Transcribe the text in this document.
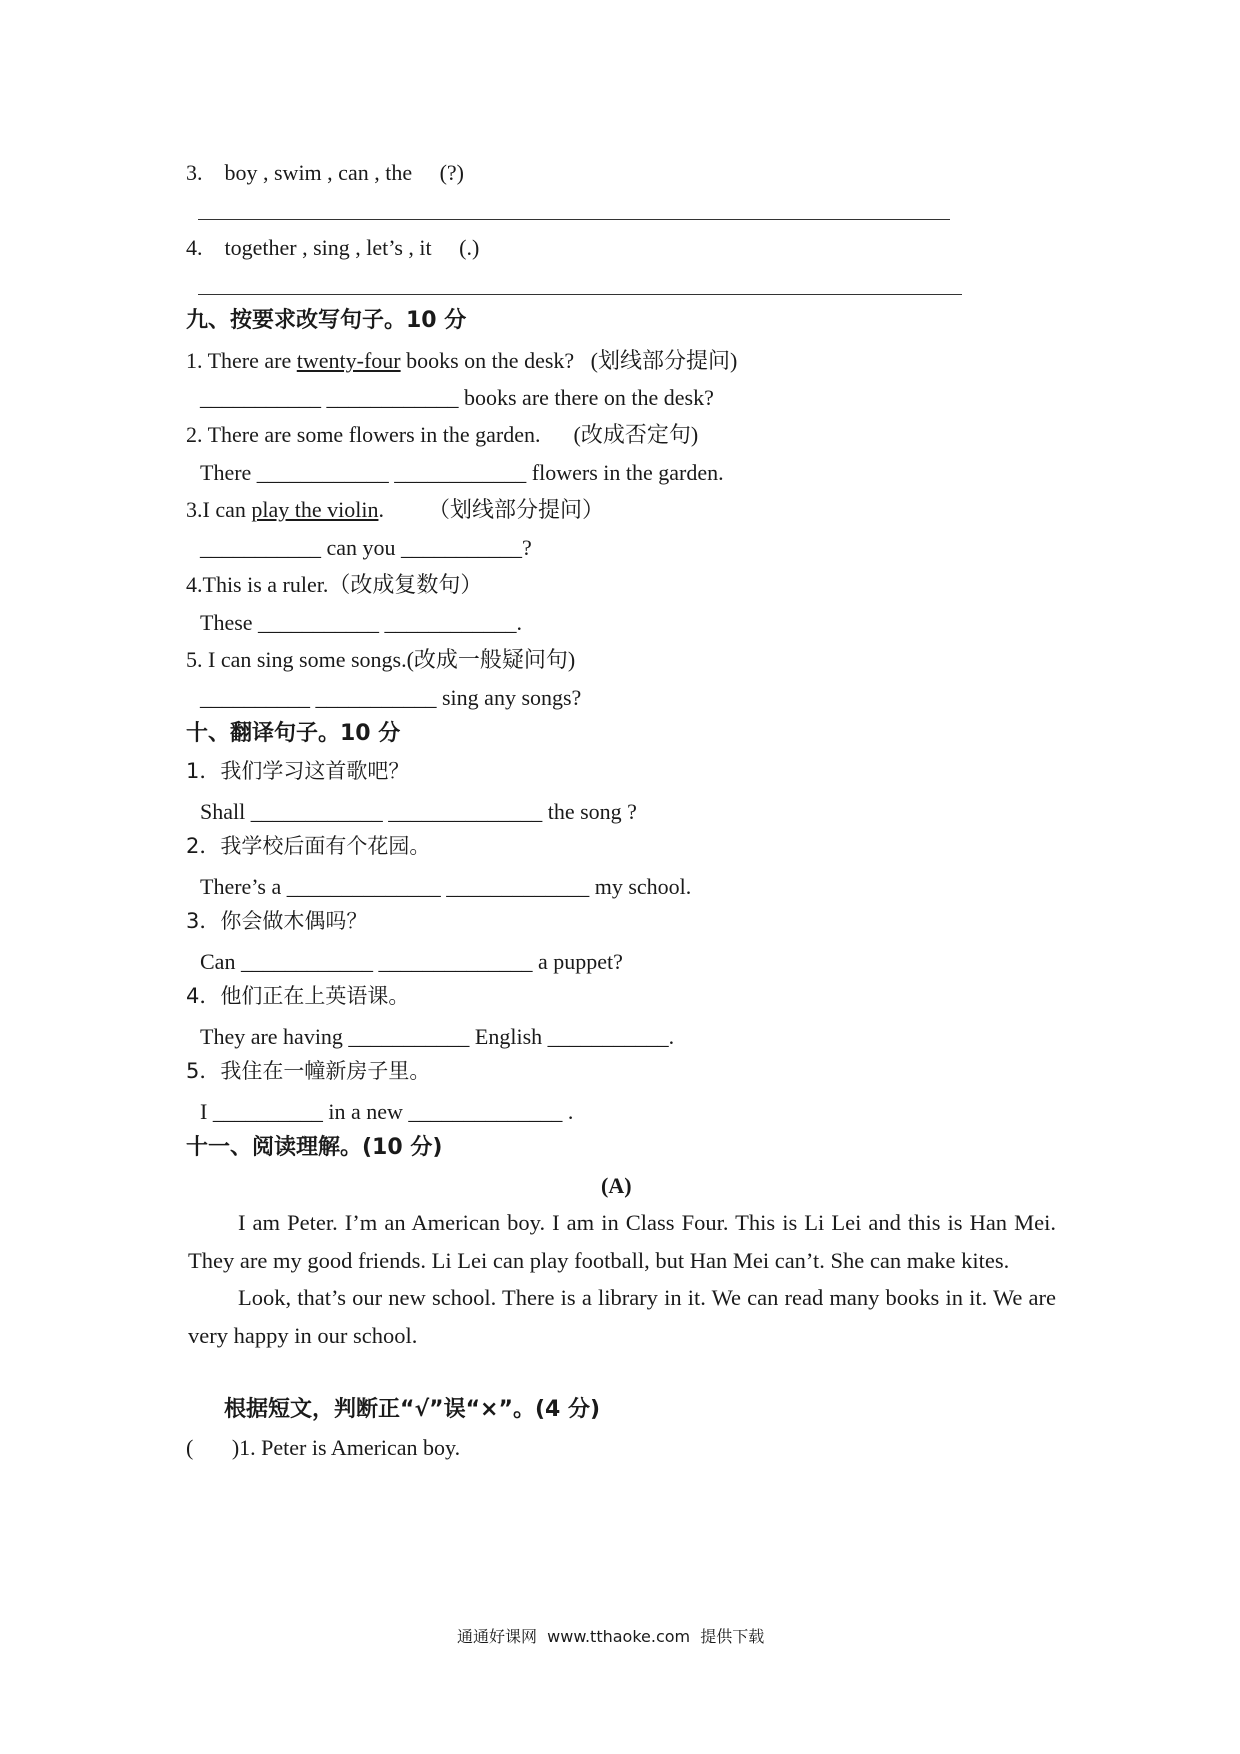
3.    boy , swim , can , the     (?)
4.    together , sing , let’s , it     (.)
九、按要求改写句子。10 分
1. There are twenty-four books on the desk?   (划线部分提问)
___________ ____________ books are there on the desk?
2. There are some flowers in the garden.      (改成否定句)
There ____________ ____________ flowers in the garden.
3.I can play the violin.        （划线部分提问）
___________ can you ___________?
4.This is a ruler.（改成复数句）
These ___________ ____________.
5. I can sing some songs.(改成一般疑问句)
__________ ___________ sing any songs?
十、翻译句子。10 分
1．我们学习这首歌吧？
Shall ____________ ______________ the song ?
2．我学校后面有个花园。
There’s a ______________ _____________ my school.
3．你会做木偶吗？
Can ____________ ______________ a puppet?
4．他们正在上英语课。
They are having ___________ English ___________.
5．我住在一幢新房子里。
I __________ in a new ______________ .
十一、阅读理解。(10 分)
(A)

I am Peter. I’m an American boy. I am in Class Four. This is Li Lei and this is Han Mei. They are my good friends. Li Lei can play football, but Han Mei can’t. She can make kites.

Look, that’s our new school. There is a library in it. We can read many books in it. We are very happy in our school.

根据短文，判断正“√”误“×”。(4 分)
(       )1. Peter is American boy.
通通好课网  www.tthaoke.com  提供下载
